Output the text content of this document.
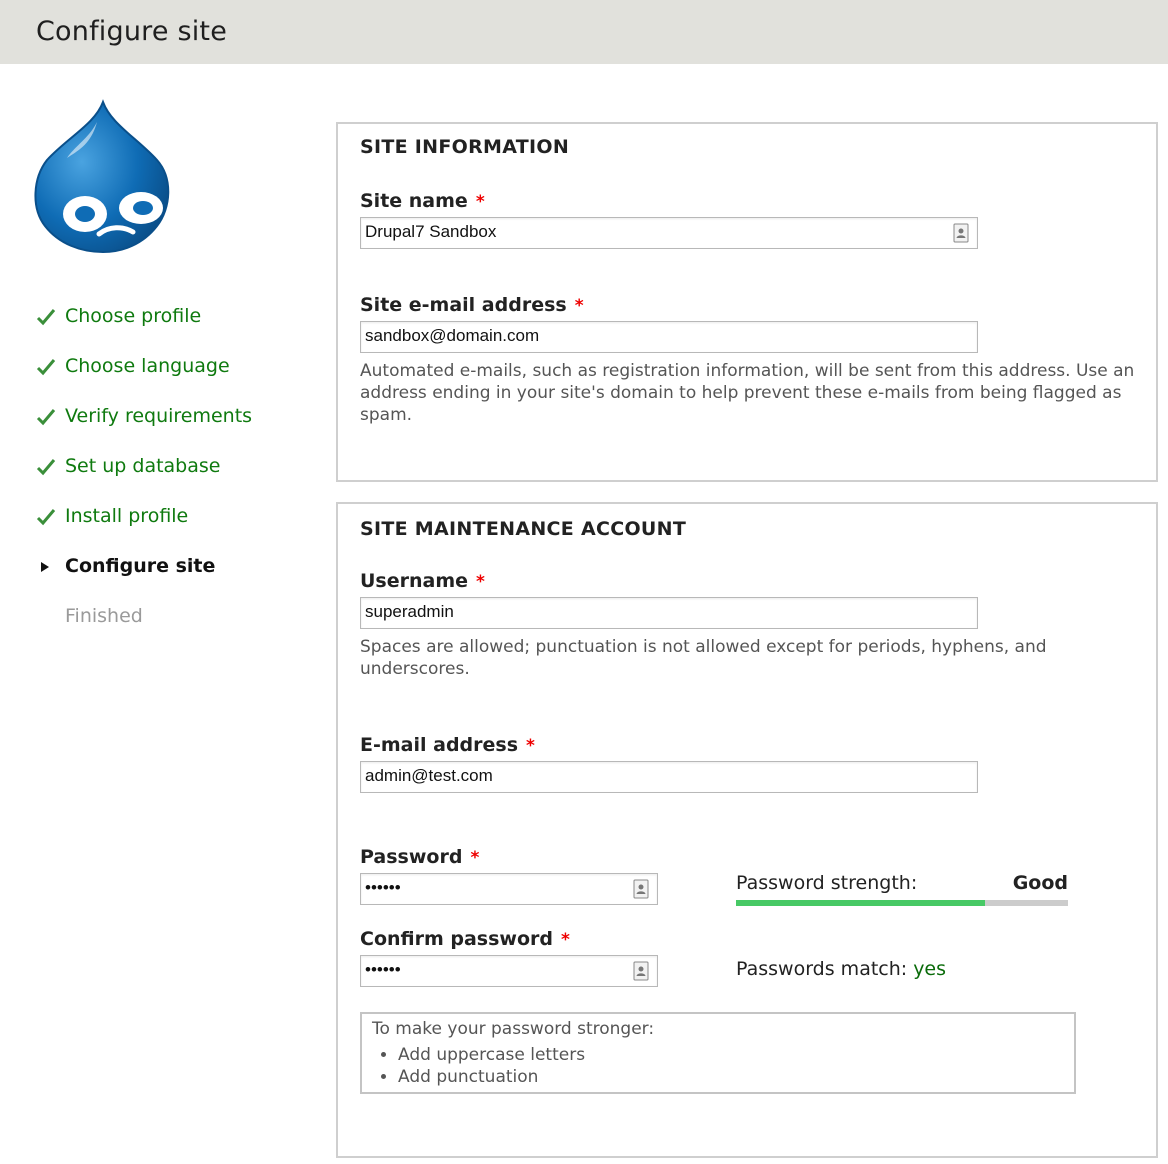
Configure site
Choose profile
Choose language
Verify requirements
Set up database
Install profile
Configure site
Finished
SITE INFORMATION
Site name *
Drupal7 Sandbox
Site e-mail address *
sandbox@domain.com
Automated e-mails, such as registration information, will be sent from this address. Use an address ending in your site's domain to help prevent these e-mails from being flagged as spam.
SITE MAINTENANCE ACCOUNT
Username *
superadmin
Spaces are allowed; punctuation is not allowed except for periods, hyphens, and underscores.
E-mail address *
admin@test.com
Password *
••••••	Password strength:	Good
Confirm password *
••••••	Passwords match: yes
To make your password stronger:
• Add uppercase letters
• Add punctuation
